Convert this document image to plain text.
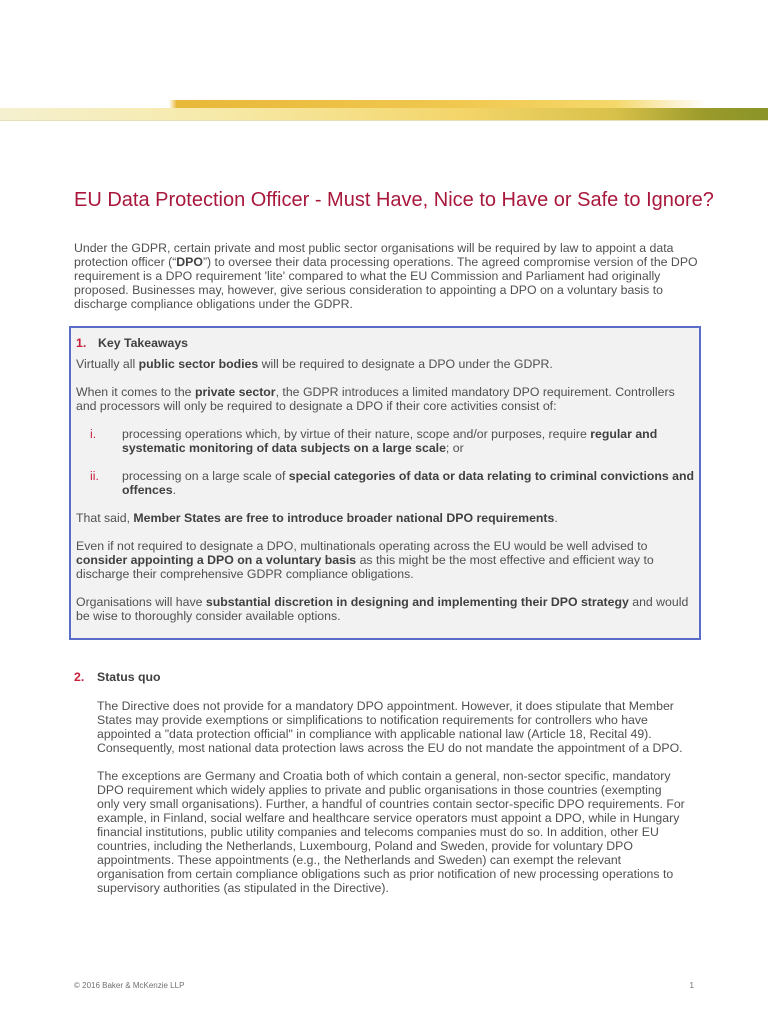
EU Data Protection Officer - Must Have, Nice to Have or Safe to Ignore?

Under the GDPR, certain private and most public sector organisations will be required by law to appoint a data protection officer (“DPO”) to oversee their data processing operations. The agreed compromise version of the DPO requirement is a DPO requirement 'lite' compared to what the EU Commission and Parliament had originally proposed. Businesses may, however, give serious consideration to appointing a DPO on a voluntary basis to discharge compliance obligations under the GDPR.

1. Key Takeaways

Virtually all public sector bodies will be required to designate a DPO under the GDPR.

When it comes to the private sector, the GDPR introduces a limited mandatory DPO requirement. Controllers and processors will only be required to designate a DPO if their core activities consist of:

i.	processing operations which, by virtue of their nature, scope and/or purposes, require regular and systematic monitoring of data subjects on a large scale; or

ii.	processing on a large scale of special categories of data or data relating to criminal convictions and offences.

That said, Member States are free to introduce broader national DPO requirements.

Even if not required to designate a DPO, multinationals operating across the EU would be well advised to consider appointing a DPO on a voluntary basis as this might be the most effective and efficient way to discharge their comprehensive GDPR compliance obligations.

Organisations will have substantial discretion in designing and implementing their DPO strategy and would be wise to thoroughly consider available options.

2.	Status quo

The Directive does not provide for a mandatory DPO appointment. However, it does stipulate that Member States may provide exemptions or simplifications to notification requirements for controllers who have appointed a "data protection official" in compliance with applicable national law (Article 18, Recital 49). Consequently, most national data protection laws across the EU do not mandate the appointment of a DPO.

The exceptions are Germany and Croatia both of which contain a general, non-sector specific, mandatory DPO requirement which widely applies to private and public organisations in those countries (exempting only very small organisations). Further, a handful of countries contain sector-specific DPO requirements. For example, in Finland, social welfare and healthcare service operators must appoint a DPO, while in Hungary financial institutions, public utility companies and telecoms companies must do so. In addition, other EU countries, including the Netherlands, Luxembourg, Poland and Sweden, provide for voluntary DPO appointments. These appointments (e.g., the Netherlands and Sweden) can exempt the relevant organisation from certain compliance obligations such as prior notification of new processing operations to supervisory authorities (as stipulated in the Directive).

© 2016 Baker & McKenzie LLP	1
